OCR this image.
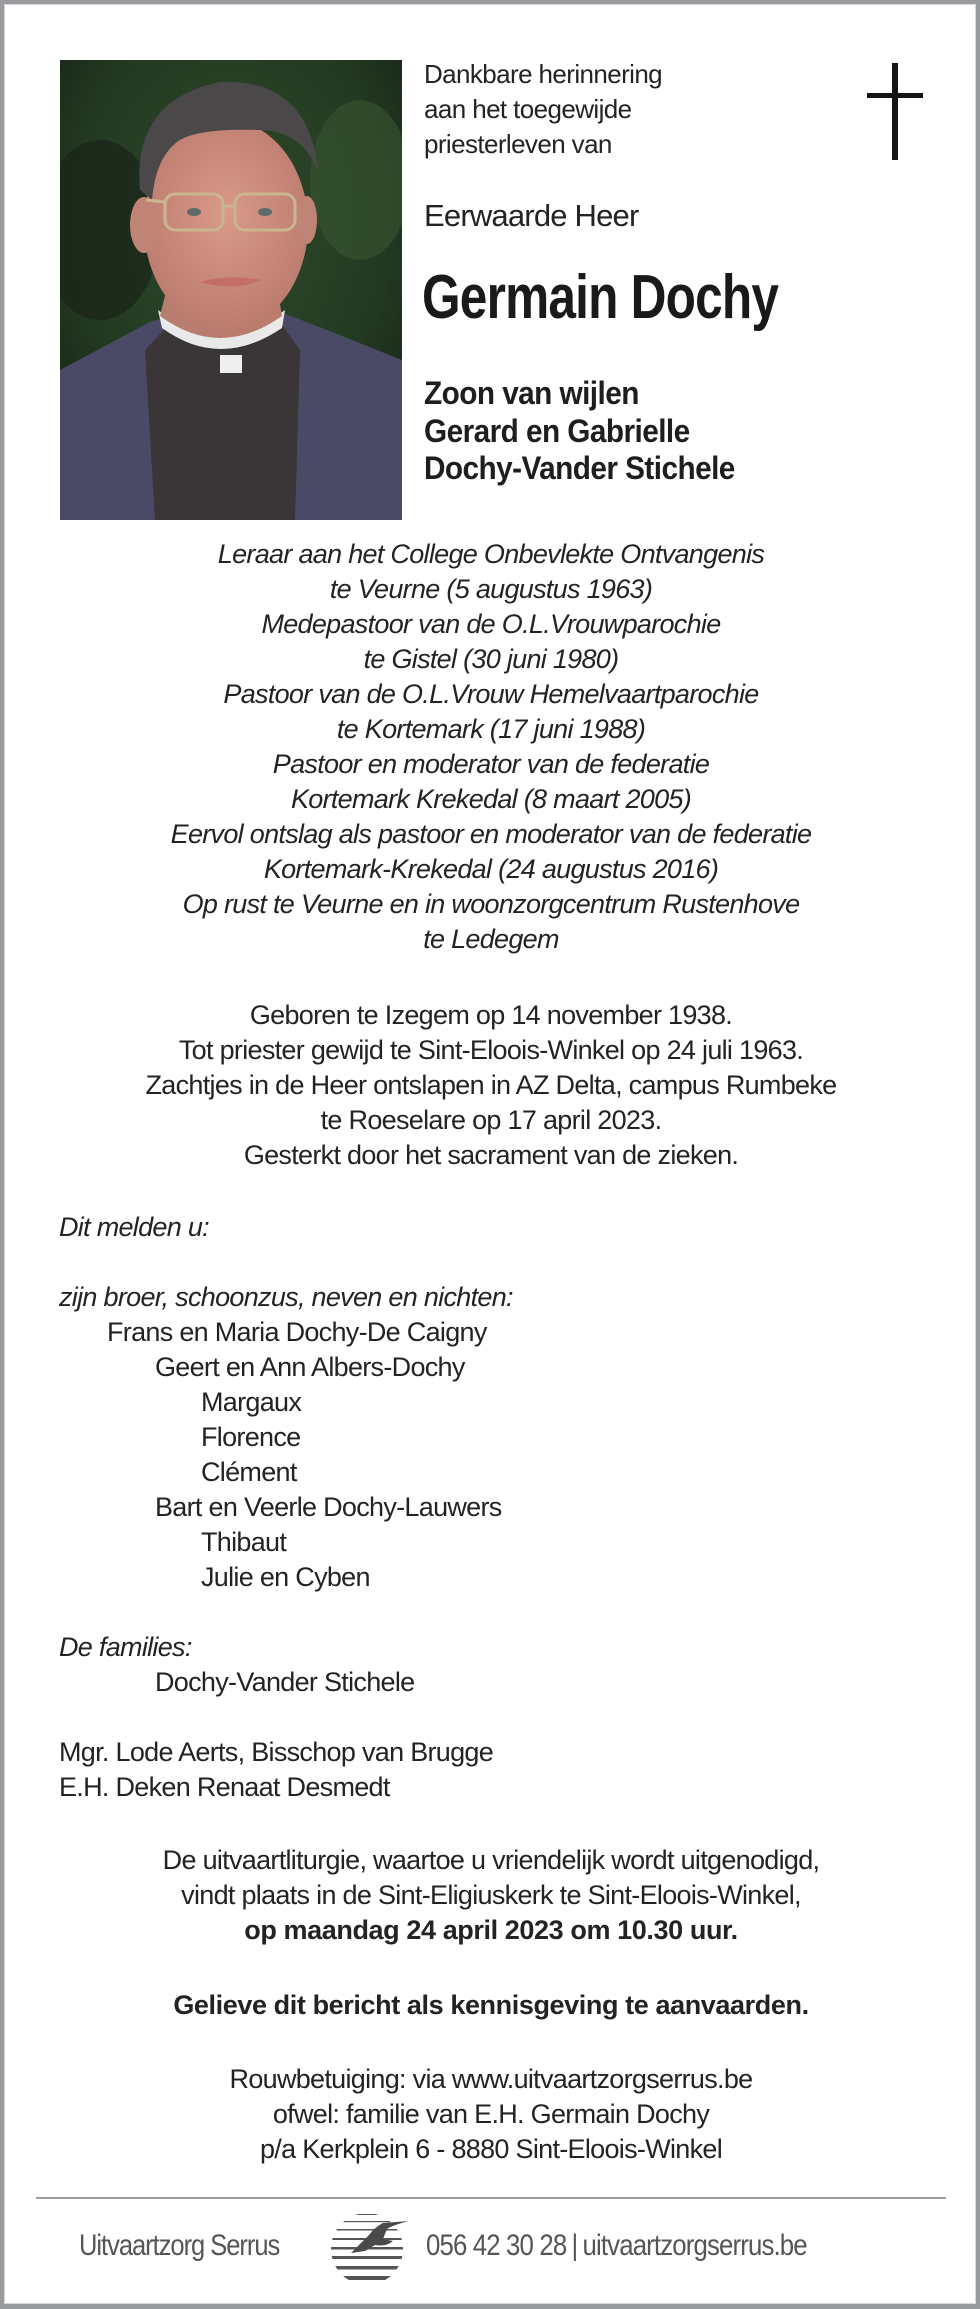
Dankbare herinnering
aan het toegewijde
priesterleven van
Eerwaarde Heer
Germain Dochy
Zoon van wijlen
Gerard en Gabrielle
Dochy-Vander Stichele
Leraar aan het College Onbevlekte Ontvangenis
te Veurne (5 augustus 1963)
Medepastoor van de O.L.Vrouwparochie
te Gistel (30 juni 1980)
Pastoor van de O.L.Vrouw Hemelvaartparochie
te Kortemark (17 juni 1988)
Pastoor en moderator van de federatie
Kortemark Krekedal (8 maart 2005)
Eervol ontslag als pastoor en moderator van de federatie
Kortemark-Krekedal (24 augustus 2016)
Op rust te Veurne en in woonzorgcentrum Rustenhove
te Ledegem
Geboren te Izegem op 14 november 1938.
Tot priester gewijd te Sint-Eloois-Winkel op 24 juli 1963.
Zachtjes in de Heer ontslapen in AZ Delta, campus Rumbeke
te Roeselare op 17 april 2023.
Gesterkt door het sacrament van de zieken.
Dit melden u:
zijn broer, schoonzus, neven en nichten:
Frans en Maria Dochy-De Caigny
Geert en Ann Albers-Dochy
Margaux
Florence
Clément
Bart en Veerle Dochy-Lauwers
Thibaut
Julie en Cyben
De families:
Dochy-Vander Stichele
Mgr. Lode Aerts, Bisschop van Brugge
E.H. Deken Renaat Desmedt
De uitvaartliturgie, waartoe u vriendelijk wordt uitgenodigd,
vindt plaats in de Sint-Eligiuskerk te Sint-Eloois-Winkel,
op maandag 24 april 2023 om 10.30 uur.
Gelieve dit bericht als kennisgeving te aanvaarden.
Rouwbetuiging: via www.uitvaartzorgserrus.be
ofwel: familie van E.H. Germain Dochy
p/a Kerkplein 6 - 8880 Sint-Eloois-Winkel
Uitvaartzorg Serrus	056 42 30 28 | uitvaartzorgserrus.be
